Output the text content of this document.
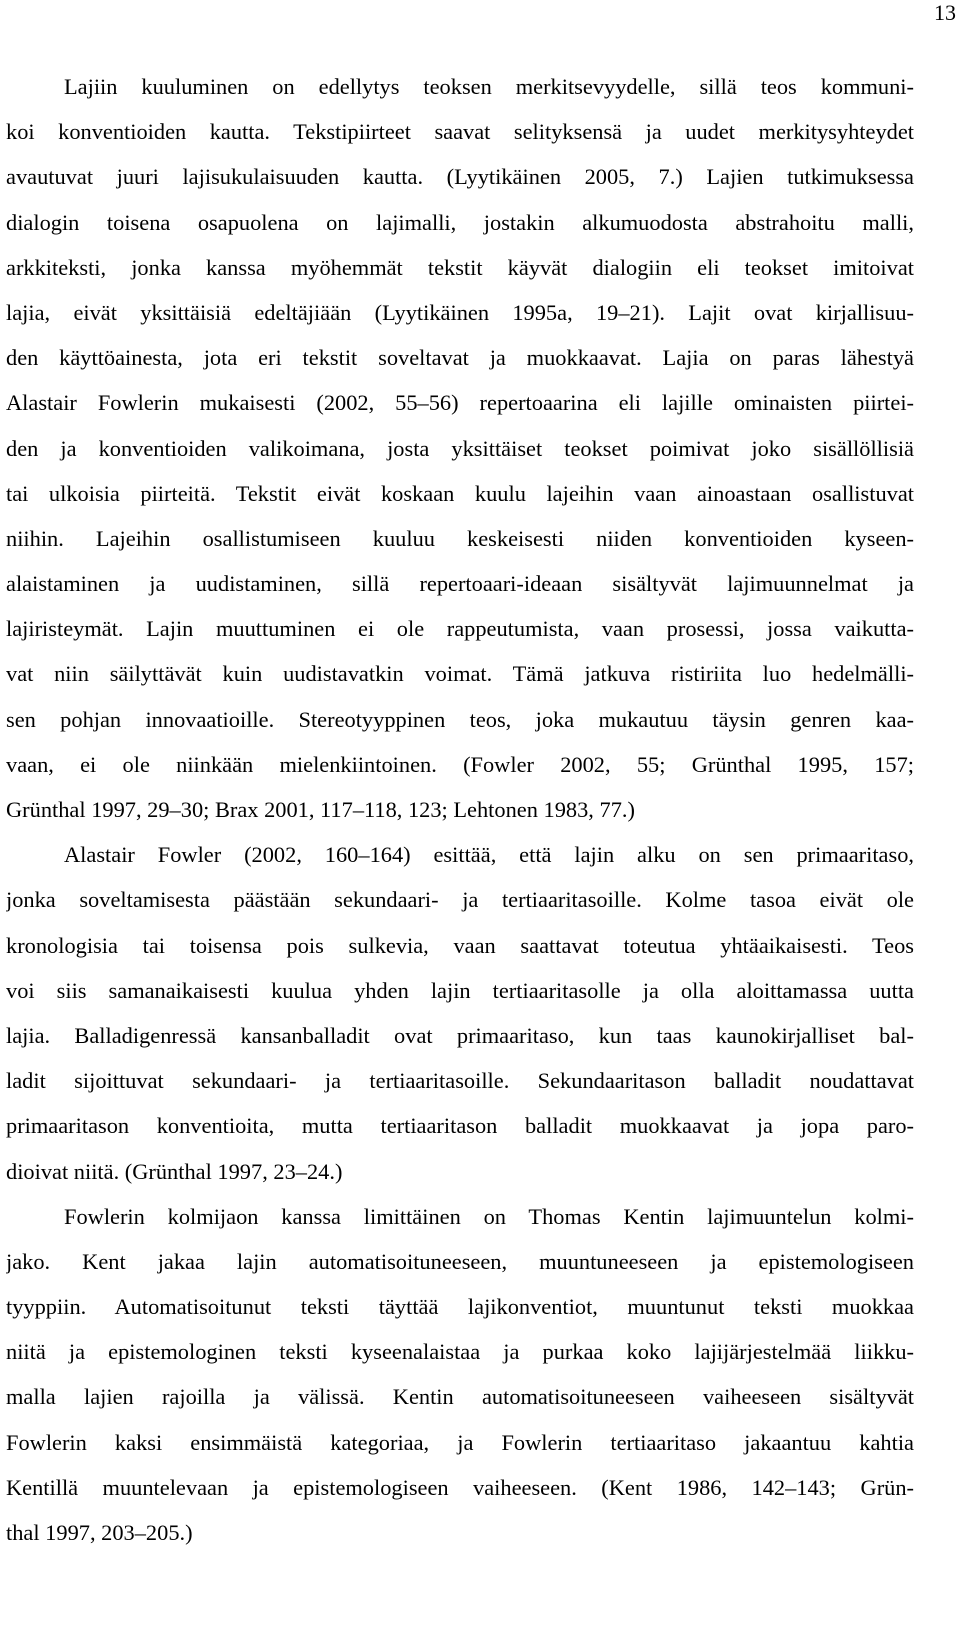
13
Lajiin kuuluminen on edellytys teoksen merkitsevyydelle, sillä teos kommuni-
koi konventioiden kautta. Tekstipiirteet saavat selityksensä ja uudet merkitysyhteydet
avautuvat juuri lajisukulaisuuden kautta. (Lyytikäinen 2005, 7.) Lajien tutkimuksessa
dialogin toisena osapuolena on lajimalli, jostakin alkumuodosta abstrahoitu malli,
arkkiteksti, jonka kanssa myöhemmät tekstit käyvät dialogiin eli teokset imitoivat
lajia, eivät yksittäisiä edeltäjiään (Lyytikäinen 1995a, 19–21). Lajit ovat kirjallisuu-
den käyttöainesta, jota eri tekstit soveltavat ja muokkaavat. Lajia on paras lähestyä
Alastair Fowlerin mukaisesti (2002, 55–56) repertoaarina eli lajille ominaisten piirtei-
den ja konventioiden valikoimana, josta yksittäiset teokset poimivat joko sisällöllisiä
tai ulkoisia piirteitä. Tekstit eivät koskaan kuulu lajeihin vaan ainoastaan osallistuvat
niihin. Lajeihin osallistumiseen kuuluu keskeisesti niiden konventioiden kyseen-
alaistaminen ja uudistaminen, sillä repertoaari-ideaan sisältyvät lajimuunnelmat ja
lajiristeymät. Lajin muuttuminen ei ole rappeutumista, vaan prosessi, jossa vaikutta-
vat niin säilyttävät kuin uudistavatkin voimat. Tämä jatkuva ristiriita luo hedelmälli-
sen pohjan innovaatioille. Stereotyyppinen teos, joka mukautuu täysin genren kaa-
vaan, ei ole niinkään mielenkiintoinen. (Fowler 2002, 55; Grünthal 1995, 157;
Grünthal 1997, 29–30; Brax 2001, 117–118, 123; Lehtonen 1983, 77.)
Alastair Fowler (2002, 160–164) esittää, että lajin alku on sen primaaritaso,
jonka soveltamisesta päästään sekundaari- ja tertiaaritasoille. Kolme tasoa eivät ole
kronologisia tai toisensa pois sulkevia, vaan saattavat toteutua yhtäaikaisesti. Teos
voi siis samanaikaisesti kuulua yhden lajin tertiaaritasolle ja olla aloittamassa uutta
lajia. Balladigenressä kansanballadit ovat primaaritaso, kun taas kaunokirjalliset bal-
ladit sijoittuvat sekundaari- ja tertiaaritasoille. Sekundaaritason balladit noudattavat
primaaritason konventioita, mutta tertiaaritason balladit muokkaavat ja jopa paro-
dioivat niitä. (Grünthal 1997, 23–24.)
Fowlerin kolmijaon kanssa limittäinen on Thomas Kentin lajimuuntelun kolmi-
jako. Kent jakaa lajin automatisoituneeseen, muuntuneeseen ja epistemologiseen
tyyppiin. Automatisoitunut teksti täyttää lajikonventiot, muuntunut teksti muokkaa
niitä ja epistemologinen teksti kyseenalaistaa ja purkaa koko lajijärjestelmää liikku-
malla lajien rajoilla ja välissä. Kentin automatisoituneeseen vaiheeseen sisältyvät
Fowlerin kaksi ensimmäistä kategoriaa, ja Fowlerin tertiaaritaso jakaantuu kahtia
Kentillä muuntelevaan ja epistemologiseen vaiheeseen. (Kent 1986, 142–143; Grün-
thal 1997, 203–205.)
